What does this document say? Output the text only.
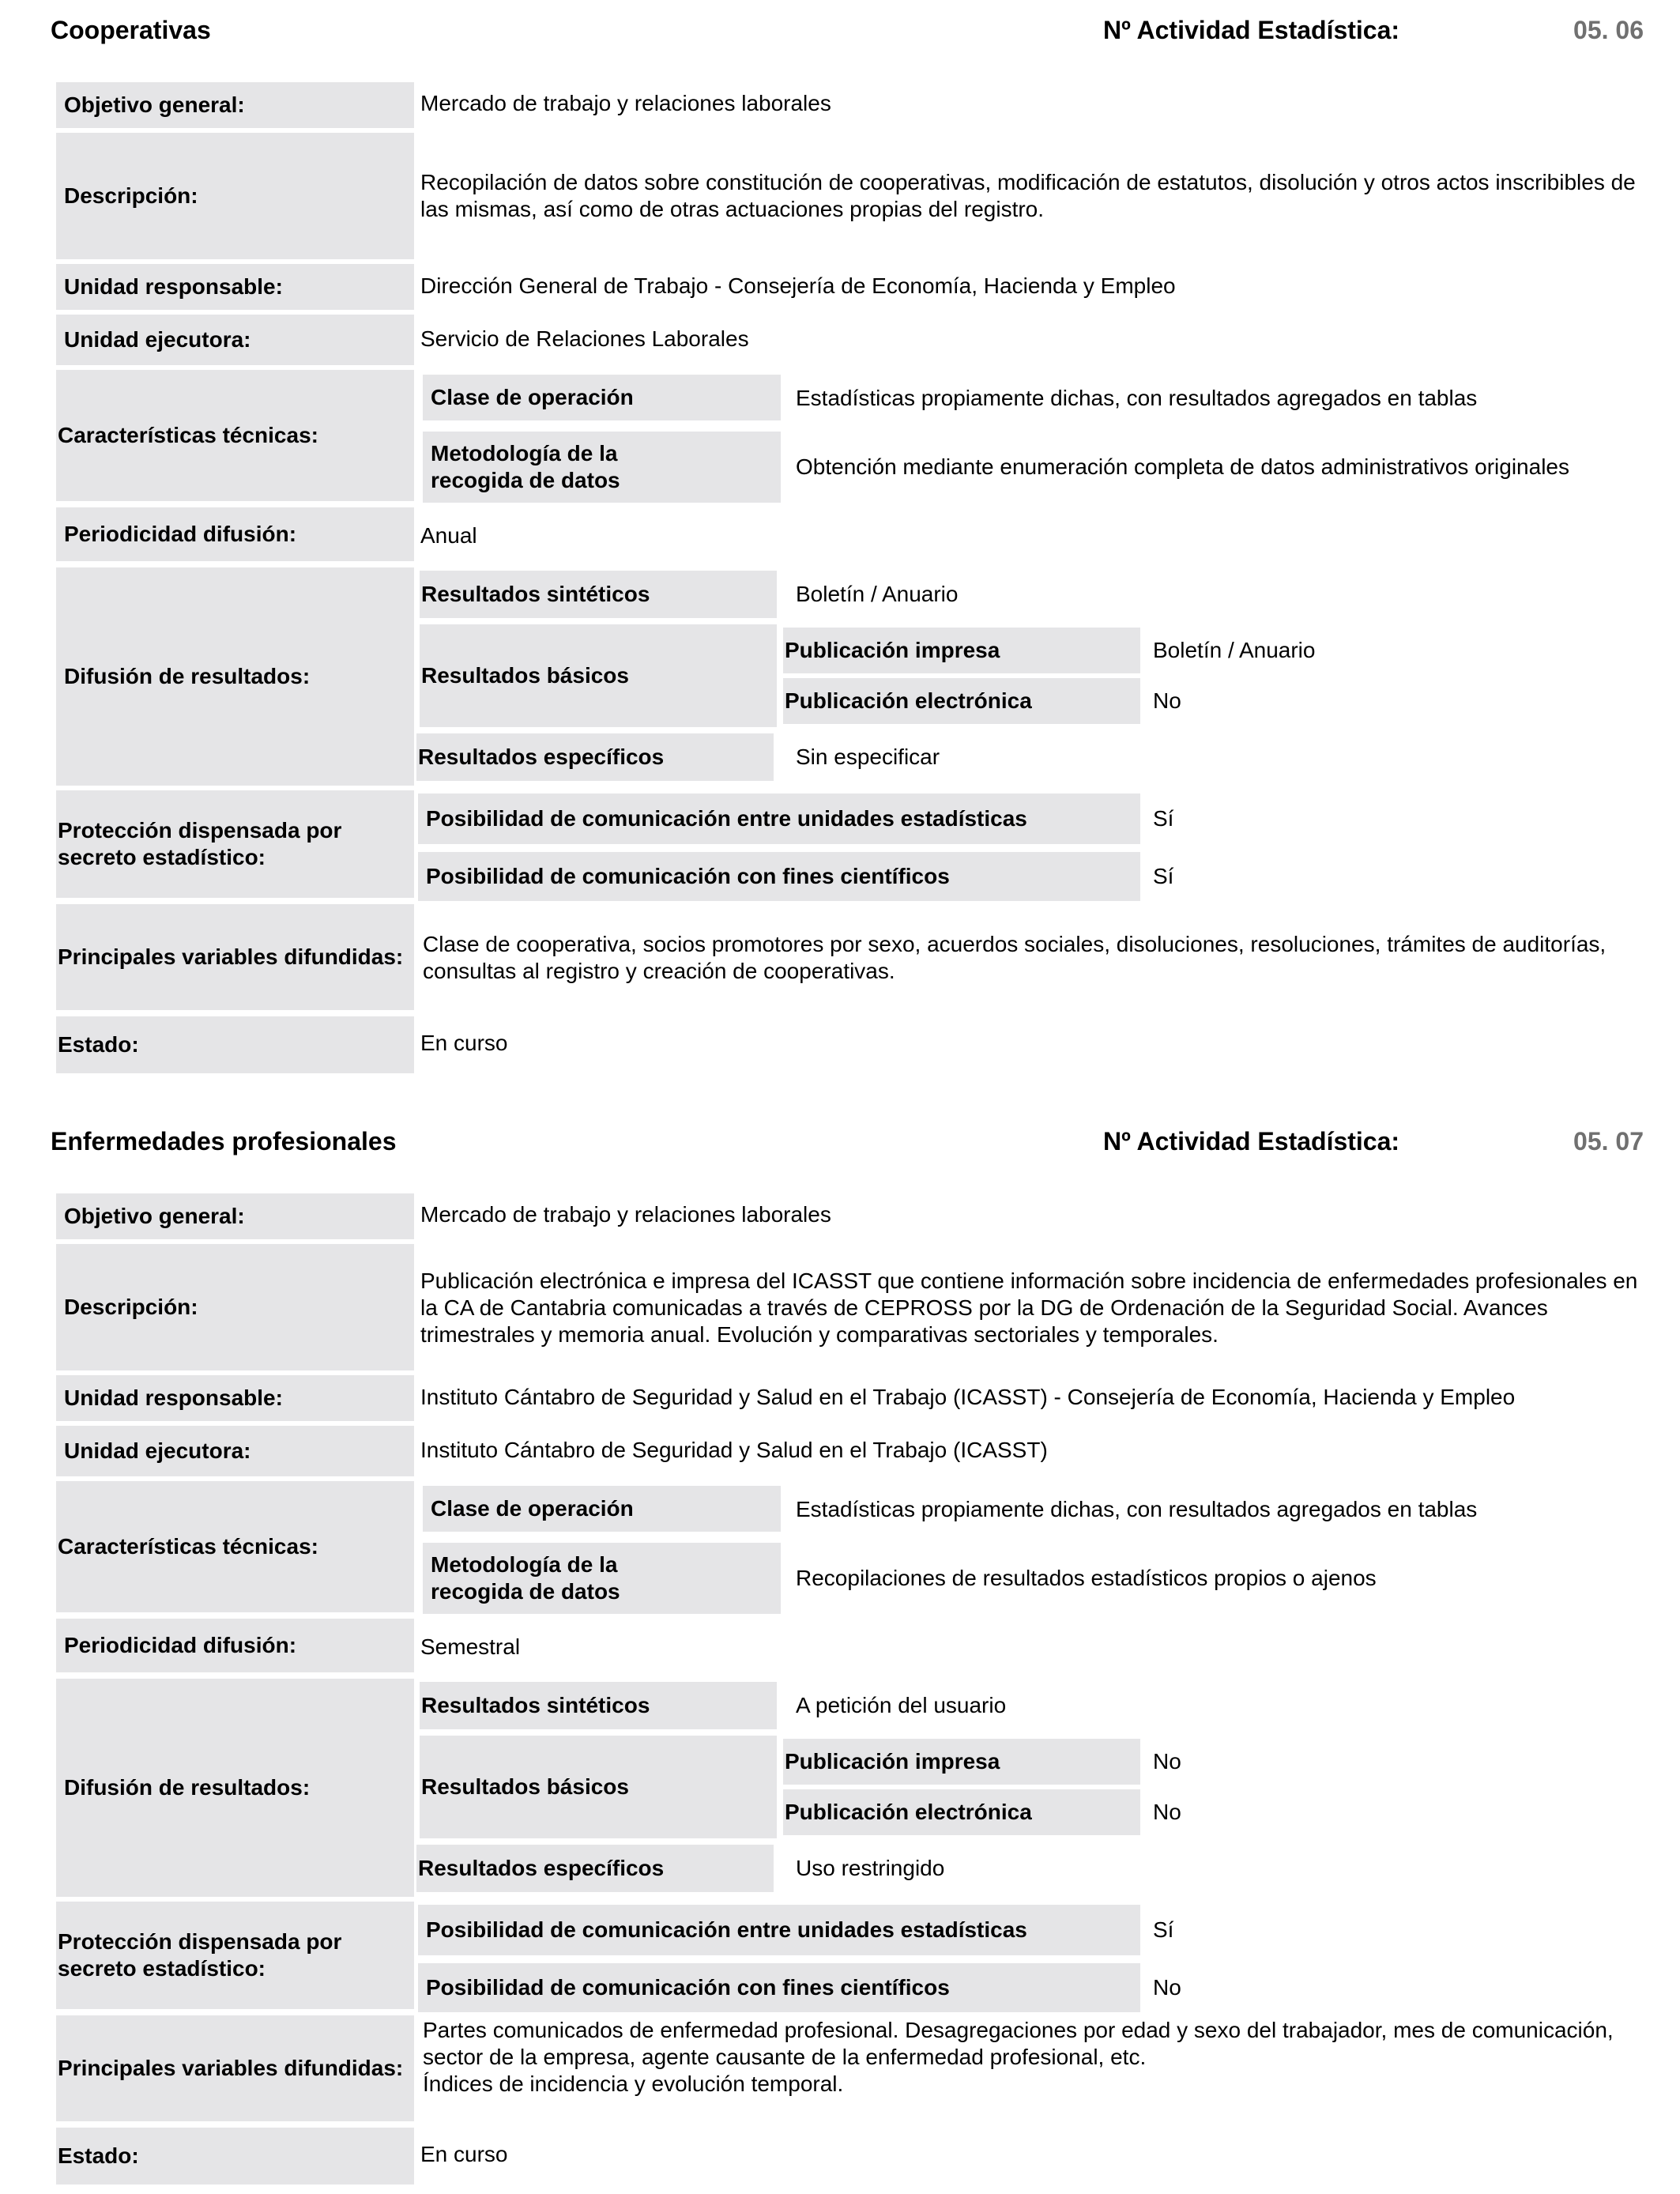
Cooperativas	Nº Actividad Estadística:	05. 06
Objetivo general:	Mercado de trabajo y relaciones laborales
Descripción:
Recopilación de datos sobre constitución de cooperativas, modificación de estatutos, disolución y otros actos inscribibles de las mismas, así como de otras actuaciones propias del registro.
Unidad responsable:	Dirección General de Trabajo - Consejería de Economía, Hacienda y Empleo
Unidad ejecutora:	Servicio de Relaciones Laborales
Características técnicas:
Clase de operación	Estadísticas propiamente dichas, con resultados agregados en tablas
Metodología de la
recogida de datos
Obtención mediante enumeración completa de datos administrativos originales
Periodicidad difusión:	Anual
Difusión de resultados:
Resultados sintéticos	Boletín / Anuario
Resultados básicos
Publicación impresa	Boletín / Anuario
Publicación electrónica	No
Resultados específicos	Sin especificar
Protección dispensada por
secreto estadístico:
Posibilidad de comunicación entre unidades estadísticas	Sí
Posibilidad de comunicación con fines científicos	Sí
Principales variables difundidas:
Clase de cooperativa, socios promotores por sexo, acuerdos sociales, disoluciones, resoluciones, trámites de auditorías, consultas al registro y creación de cooperativas.
Estado:	En curso
Enfermedades profesionales	Nº Actividad Estadística:	05. 07
Objetivo general:	Mercado de trabajo y relaciones laborales
Descripción:
Publicación electrónica e impresa del ICASST que contiene información sobre incidencia de enfermedades profesionales en la CA de Cantabria comunicadas a través de CEPROSS por la DG de Ordenación de la Seguridad Social. Avances trimestrales y memoria anual. Evolución y comparativas sectoriales y temporales.
Unidad responsable:	Instituto Cántabro de Seguridad y Salud en el Trabajo (ICASST) - Consejería de Economía, Hacienda y Empleo
Unidad ejecutora:	Instituto Cántabro de Seguridad y Salud en el Trabajo (ICASST)
Características técnicas:
Clase de operación	Estadísticas propiamente dichas, con resultados agregados en tablas
Metodología de la
recogida de datos
Recopilaciones de resultados estadísticos propios o ajenos
Periodicidad difusión:	Semestral
Difusión de resultados:
Resultados sintéticos	A petición del usuario
Resultados básicos
Publicación impresa	No
Publicación electrónica	No
Resultados específicos	Uso restringido
Protección dispensada por
secreto estadístico:
Posibilidad de comunicación entre unidades estadísticas	Sí
Posibilidad de comunicación con fines científicos	No
Principales variables difundidas:
Partes comunicados de enfermedad profesional. Desagregaciones por edad y sexo del trabajador, mes de comunicación, sector de la empresa, agente causante de la enfermedad profesional, etc.
Índices de incidencia y evolución temporal.
Estado:	En curso
